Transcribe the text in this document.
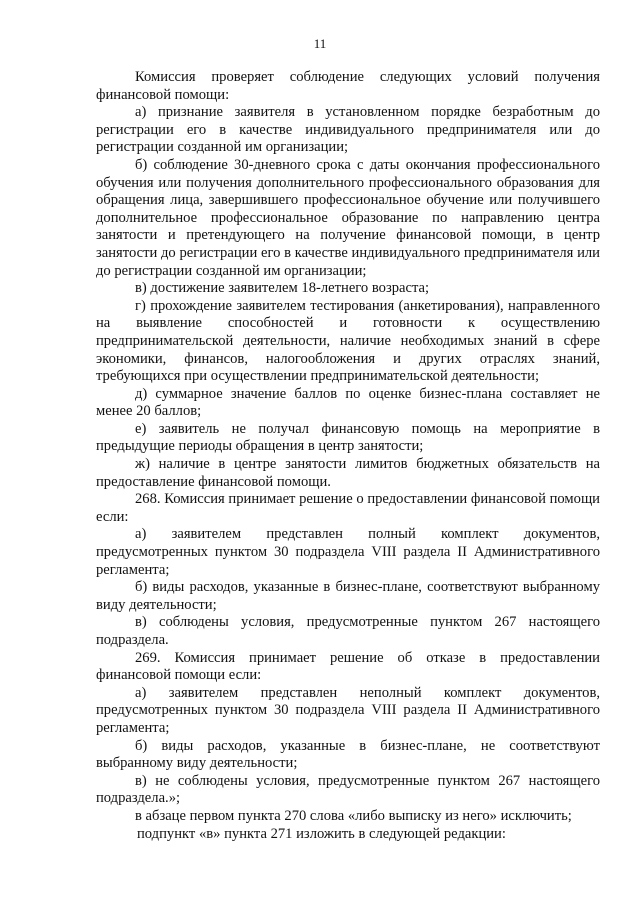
11

Комиссия проверяет соблюдение следующих условий получения финансовой помощи:

а) признание заявителя в установленном порядке безработным до регистрации его в качестве индивидуального предпринимателя или до регистрации созданной им организации;

б) соблюдение 30-дневного срока с даты окончания профессионального обучения или получения дополнительного профессионального образования для обращения лица, завершившего профессиональное обучение или получившего дополнительное профессиональное образование по направлению центра занятости и претендующего на получение финансовой помощи, в центр занятости до регистрации его в качестве индивидуального предпринимателя или до регистрации созданной им организации;

в) достижение заявителем 18-летнего возраста;

г) прохождение заявителем тестирования (анкетирования), направленного на выявление способностей и готовности к осуществлению предпринимательской деятельности, наличие необходимых знаний в сфере экономики, финансов, налогообложения и других отраслях знаний, требующихся при осуществлении предпринимательской деятельности;

д) суммарное значение баллов по оценке бизнес-плана составляет не менее 20 баллов;

е) заявитель не получал финансовую помощь на мероприятие в предыдущие периоды обращения в центр занятости;

ж) наличие в центре занятости лимитов бюджетных обязательств на предоставление финансовой помощи.

268. Комиссия принимает решение о предоставлении финансовой помощи если:

а) заявителем представлен полный комплект документов, предусмотренных пунктом 30 подраздела VIII раздела II Административного регламента;

б) виды расходов, указанные в бизнес-плане, соответствуют выбранному виду деятельности;

в) соблюдены условия, предусмотренные пунктом 267 настоящего подраздела.

269. Комиссия принимает решение об отказе в предоставлении финансовой помощи если:

а) заявителем представлен неполный комплект документов, предусмотренных пунктом 30 подраздела VIII раздела II Административного регламента;

б) виды расходов, указанные в бизнес-плане, не соответствуют выбранному виду деятельности;

в) не соблюдены условия, предусмотренные пунктом 267 настоящего подраздела.»;

в абзаце первом пункта 270 слова «либо выписку из него» исключить;

подпункт «в» пункта 271 изложить в следующей редакции:
